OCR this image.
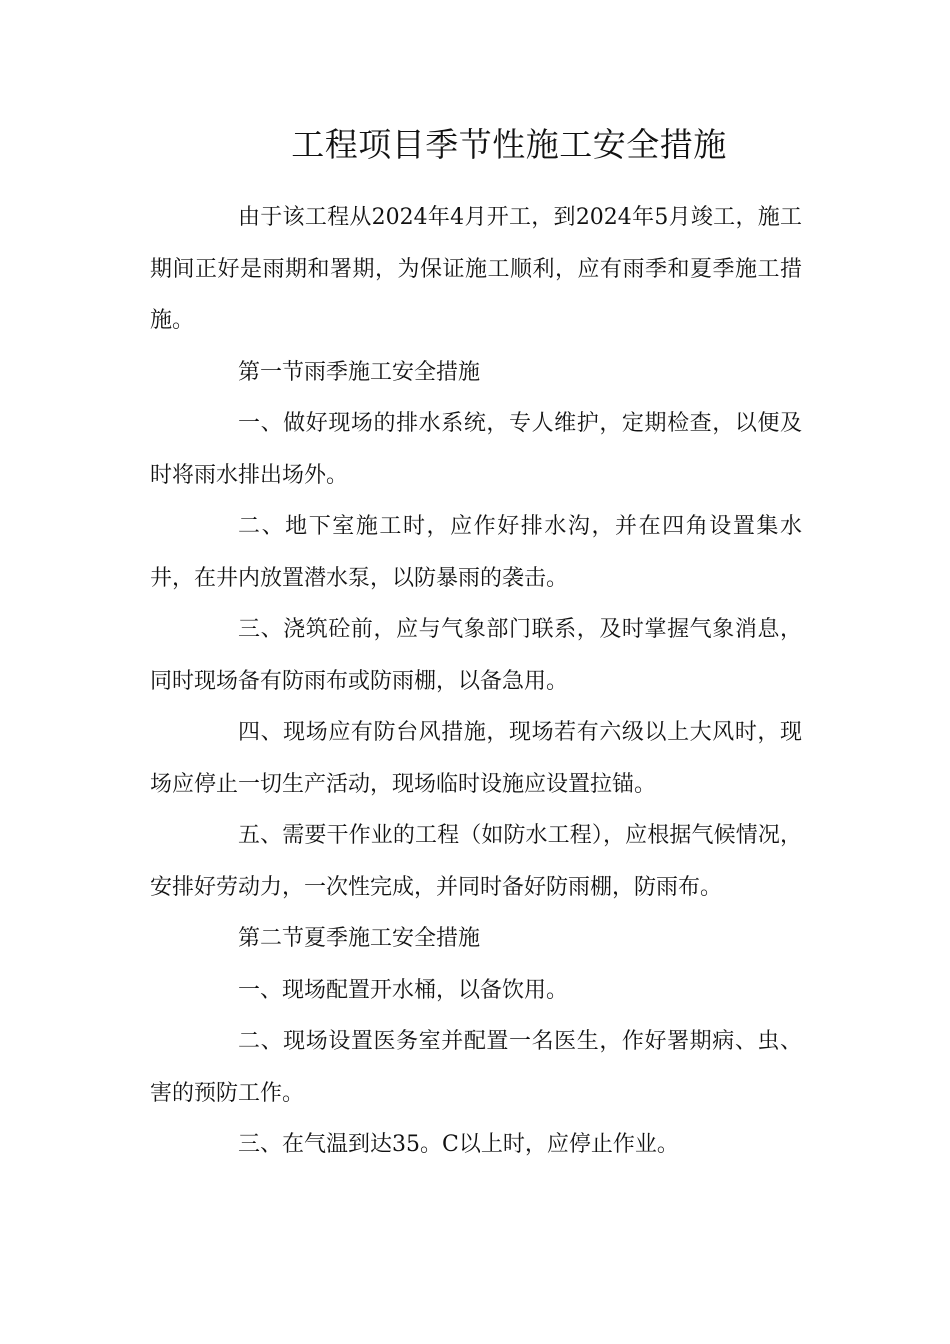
工程项目季节性施工安全措施

由于该工程从2024年4月开工，到2024年5月竣工，施工期间正好是雨期和署期，为保证施工顺利，应有雨季和夏季施工措施。

第一节雨季施工安全措施

一、做好现场的排水系统，专人维护，定期检查，以便及时将雨水排出场外。

二、地下室施工时，应作好排水沟，并在四角设置集水井，在井内放置潜水泵，以防暴雨的袭击。

三、浇筑砼前，应与气象部门联系，及时掌握气象消息，同时现场备有防雨布或防雨棚，以备急用。

四、现场应有防台风措施，现场若有六级以上大风时，现场应停止一切生产活动，现场临时设施应设置拉锚。

五、需要干作业的工程（如防水工程），应根据气候情况，安排好劳动力，一次性完成，并同时备好防雨棚，防雨布。

第二节夏季施工安全措施

一、现场配置开水桶，以备饮用。

二、现场设置医务室并配置一名医生，作好署期病、虫、害的预防工作。

三、在气温到达35。C以上时，应停止作业。
